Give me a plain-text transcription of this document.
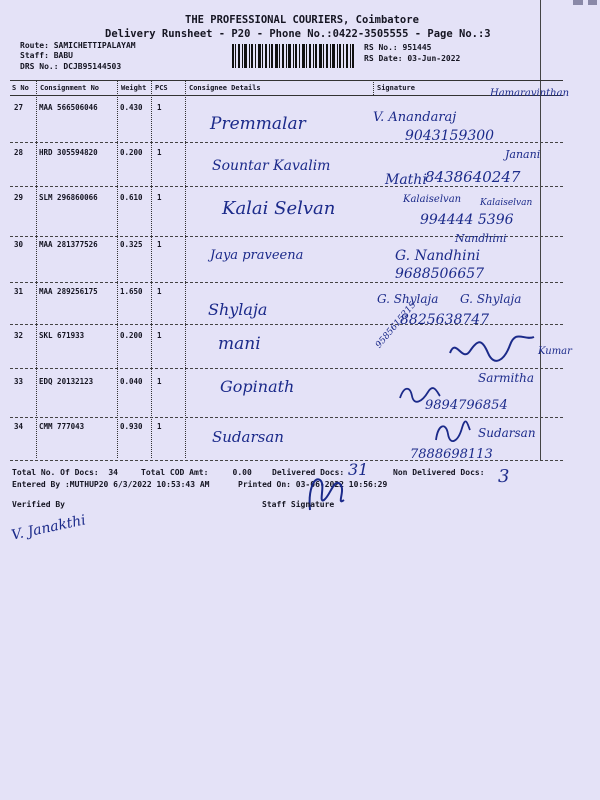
THE PROFESSIONAL COURIERS, Coimbatore
Delivery Runsheet - P20 - Phone No.:0422-3505555 - Page No.:3
Route: SAMICHETTIPALAYAM
Staff: BABU
DRS No.: DCJB95144503
RS No.: 951445
RS Date: 03-Jun-2022
S No Consignment No	Weight PCS	Consignee Details	Signature
27 MAA 566506046	0.430 1
Premmalar	V. Anandaraj
9043159300
Hamaravinthan
28 HRD 305594820	0.200 1
Sountar Kavalim
Mathi
8438640247
Janani
29 SLM 296860066	0.610 1
Kalai Selvan	Kalaiselvan Kalaiselvan
994444 5396
30 MAA 281377526	0.325 1
Jaya praveena	G. Nandhini
Nandhini
9688506657
31 MAA 289256175	1.650 1
Shylaja
G. Shylaja G. Shylaja
8825638747
32 SKL 671933	0.200 1	mani	9585615215
Kumar
33 EDQ 20132123	0.040 1	Gopinath	Sarmitha
9894796854
34 CMM 777043	0.930 1
Sudarsan	Sudarsan
7888698113
Total No. Of Docs: 34	Total COD Amt:	0.00	Delivered Docs: 31	Non Delivered Docs: 3
Entered By :MUTHUP20 6/3/2022 10:53:43 AM	Printed On: 03-06-2022 10:56:29
Verified By	Staff Signature
V. Janakthi
